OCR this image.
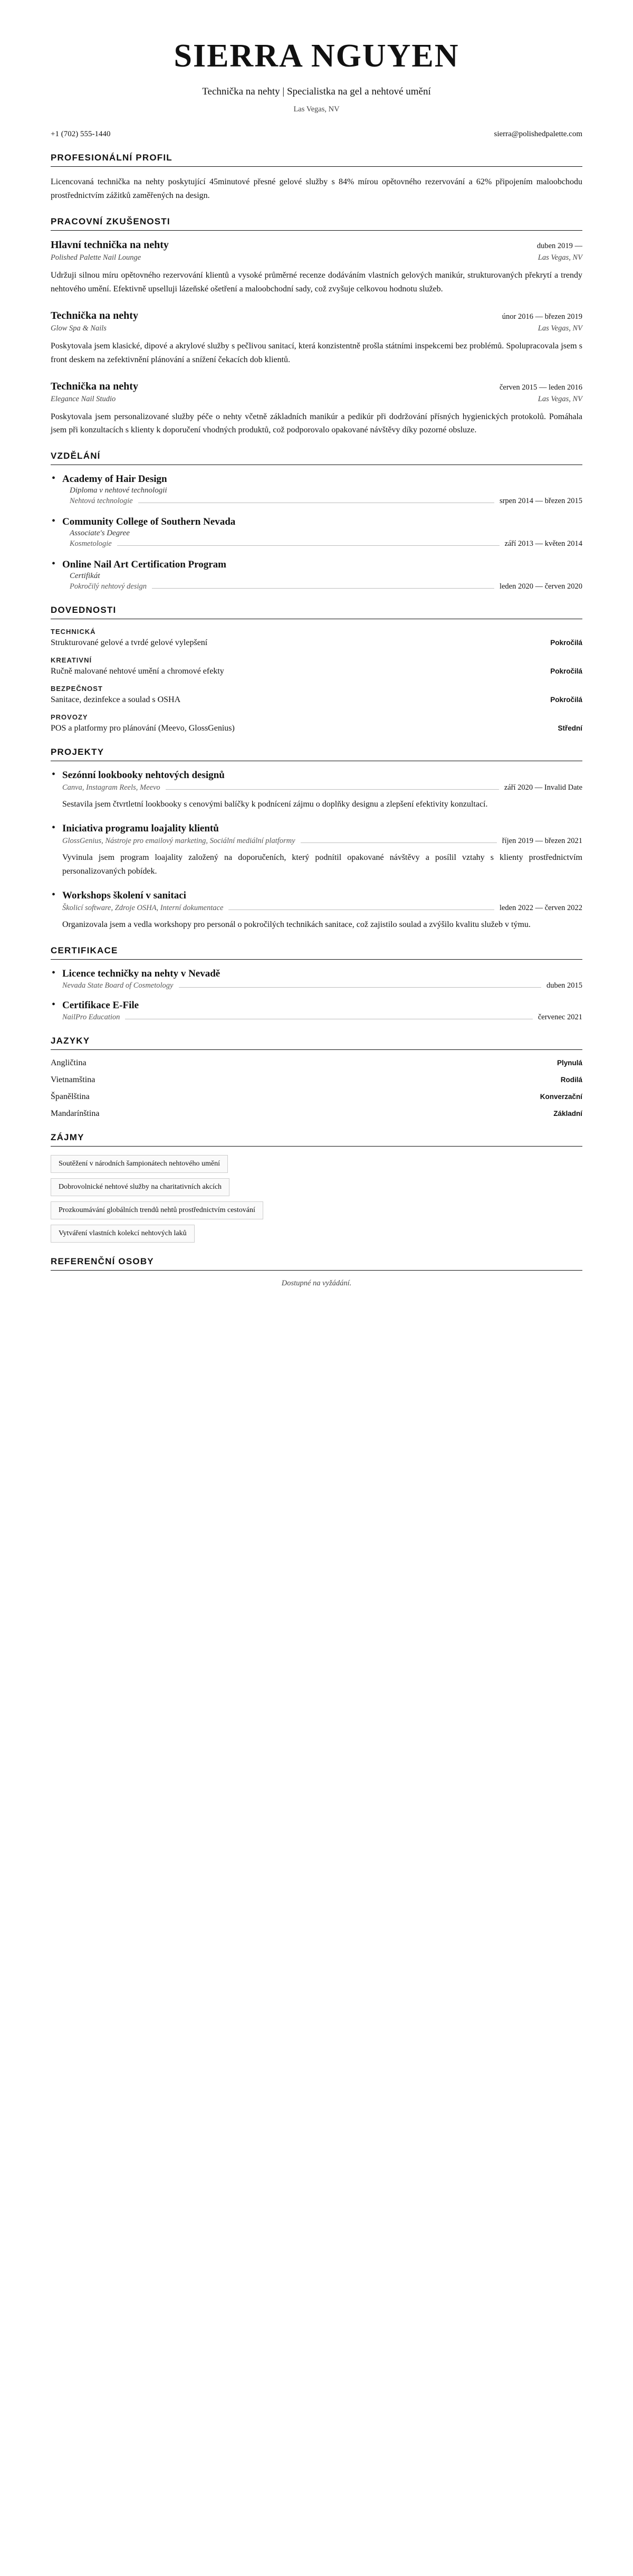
SIERRA NGUYEN
Technička na nehty | Specialistka na gel a nehtové umění
Las Vegas, NV
+1 (702) 555-1440	sierra@polishedpalette.com
PROFESIONÁLNÍ PROFIL

Licencovaná technička na nehty poskytující 45minutové přesné gelové služby s 84% mírou opětovného rezervování a 62% připojením maloobchodu prostřednictvím zážitků zaměřených na design.

PRACOVNÍ ZKUŠENOSTI
Hlavní technička na nehty	duben 2019 —
Polished Palette Nail Lounge	Las Vegas, NV

Udržuji silnou míru opětovného rezervování klientů a vysoké průměrné recenze dodáváním vlastních gelových manikúr, strukturovaných překrytí a trendy nehtového umění. Efektivně upselluji lázeňské ošetření a maloobchodní sady, což zvyšuje celkovou hodnotu služeb.

Technička na nehty	únor 2016 — březen 2019
Glow Spa & Nails	Las Vegas, NV

Poskytovala jsem klasické, dipové a akrylové služby s pečlivou sanitací, která konzistentně prošla státními inspekcemi bez problémů. Spolupracovala jsem s front deskem na zefektivnění plánování a snížení čekacích dob klientů.

Technička na nehty	červen 2015 — leden 2016
Elegance Nail Studio	Las Vegas, NV

Poskytovala jsem personalizované služby péče o nehty včetně základních manikúr a pedikúr při dodržování přísných hygienických protokolů. Pomáhala jsem při konzultacích s klienty k doporučení vhodných produktů, což podporovalo opakované návštěvy díky pozorné obsluze.

VZDĚLÁNÍ
• Academy of Hair Design
Diploma v nehtové technologii
Nehtová technologie	srpen 2014 — březen 2015
• Community College of Southern Nevada
Associate's Degree
Kosmetologie	září 2013 — květen 2014
• Online Nail Art Certification Program
Certifikát
Pokročilý nehtový design	leden 2020 — červen 2020
DOVEDNOSTI
TECHNICKÁ
Strukturované gelové a tvrdé gelové vylepšení	Pokročilá
KREATIVNÍ
Ručně malované nehtové umění a chromové efekty	Pokročilá
BEZPEČNOST
Sanitace, dezinfekce a soulad s OSHA	Pokročilá
PROVOZY
POS a platformy pro plánování (Meevo, GlossGenius)	Střední
PROJEKTY
• Sezónní lookbooky nehtových designů
Canva, Instagram Reels, Meevo	září 2020 — Invalid Date

Sestavila jsem čtvrtletní lookbooky s cenovými balíčky k podnícení zájmu o doplňky designu a zlepšení efektivity konzultací.

• Iniciativa programu loajality klientů
GlossGenius, Nástroje pro emailový marketing, Sociální mediální platformy	říjen 2019 — březen 2021

Vyvinula jsem program loajality založený na doporučeních, který podnítil opakované návštěvy a posílil vztahy s klienty prostřednictvím personalizovaných pobídek.

• Workshops školení v sanitaci
Školicí software, Zdroje OSHA, Interní dokumentace	leden 2022 — červen 2022

Organizovala jsem a vedla workshopy pro personál o pokročilých technikách sanitace, což zajistilo soulad a zvýšilo kvalitu služeb v týmu.

CERTIFIKACE
• Licence techničky na nehty v Nevadě
Nevada State Board of Cosmetology	duben 2015
• Certifikace E-File
NailPro Education	červenec 2021
JAZYKY
Angličtina	Plynulá
Vietnamština	Rodilá
Španělština	Konverzační
Mandarínština	Základní
ZÁJMY
Soutěžení v národních šampionátech nehtového umění
Dobrovolnické nehtové služby na charitativních akcích
Prozkoumávání globálních trendů nehtů prostřednictvím cestování
Vytváření vlastních kolekcí nehtových laků
REFERENČNÍ OSOBY
Dostupné na vyžádání.
